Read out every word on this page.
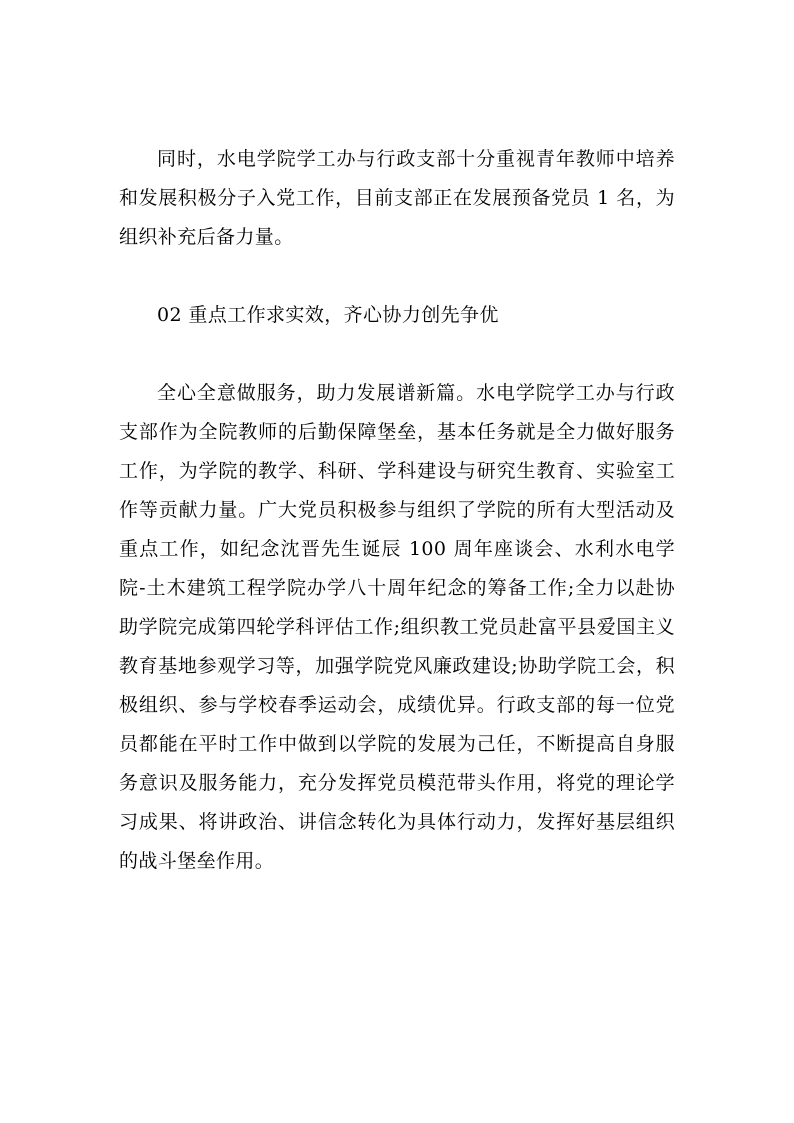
同时，水电学院学工办与行政支部十分重视青年教师中培养和发展积极分子入党工作，目前支部正在发展预备党员 1 名，为组织补充后备力量。

02 重点工作求实效，齐心协力创先争优

全心全意做服务，助力发展谱新篇。水电学院学工办与行政支部作为全院教师的后勤保障堡垒，基本任务就是全力做好服务工作，为学院的教学、科研、学科建设与研究生教育、实验室工作等贡献力量。广大党员积极参与组织了学院的所有大型活动及重点工作，如纪念沈晋先生诞辰 100 周年座谈会、水利水电学院-土木建筑工程学院办学八十周年纪念的筹备工作;全力以赴协助学院完成第四轮学科评估工作;组织教工党员赴富平县爱国主义教育基地参观学习等，加强学院党风廉政建设;协助学院工会，积极组织、参与学校春季运动会，成绩优异。行政支部的每一位党员都能在平时工作中做到以学院的发展为己任，不断提高自身服务意识及服务能力，充分发挥党员模范带头作用，将党的理论学习成果、将讲政治、讲信念转化为具体行动力，发挥好基层组织的战斗堡垒作用。
